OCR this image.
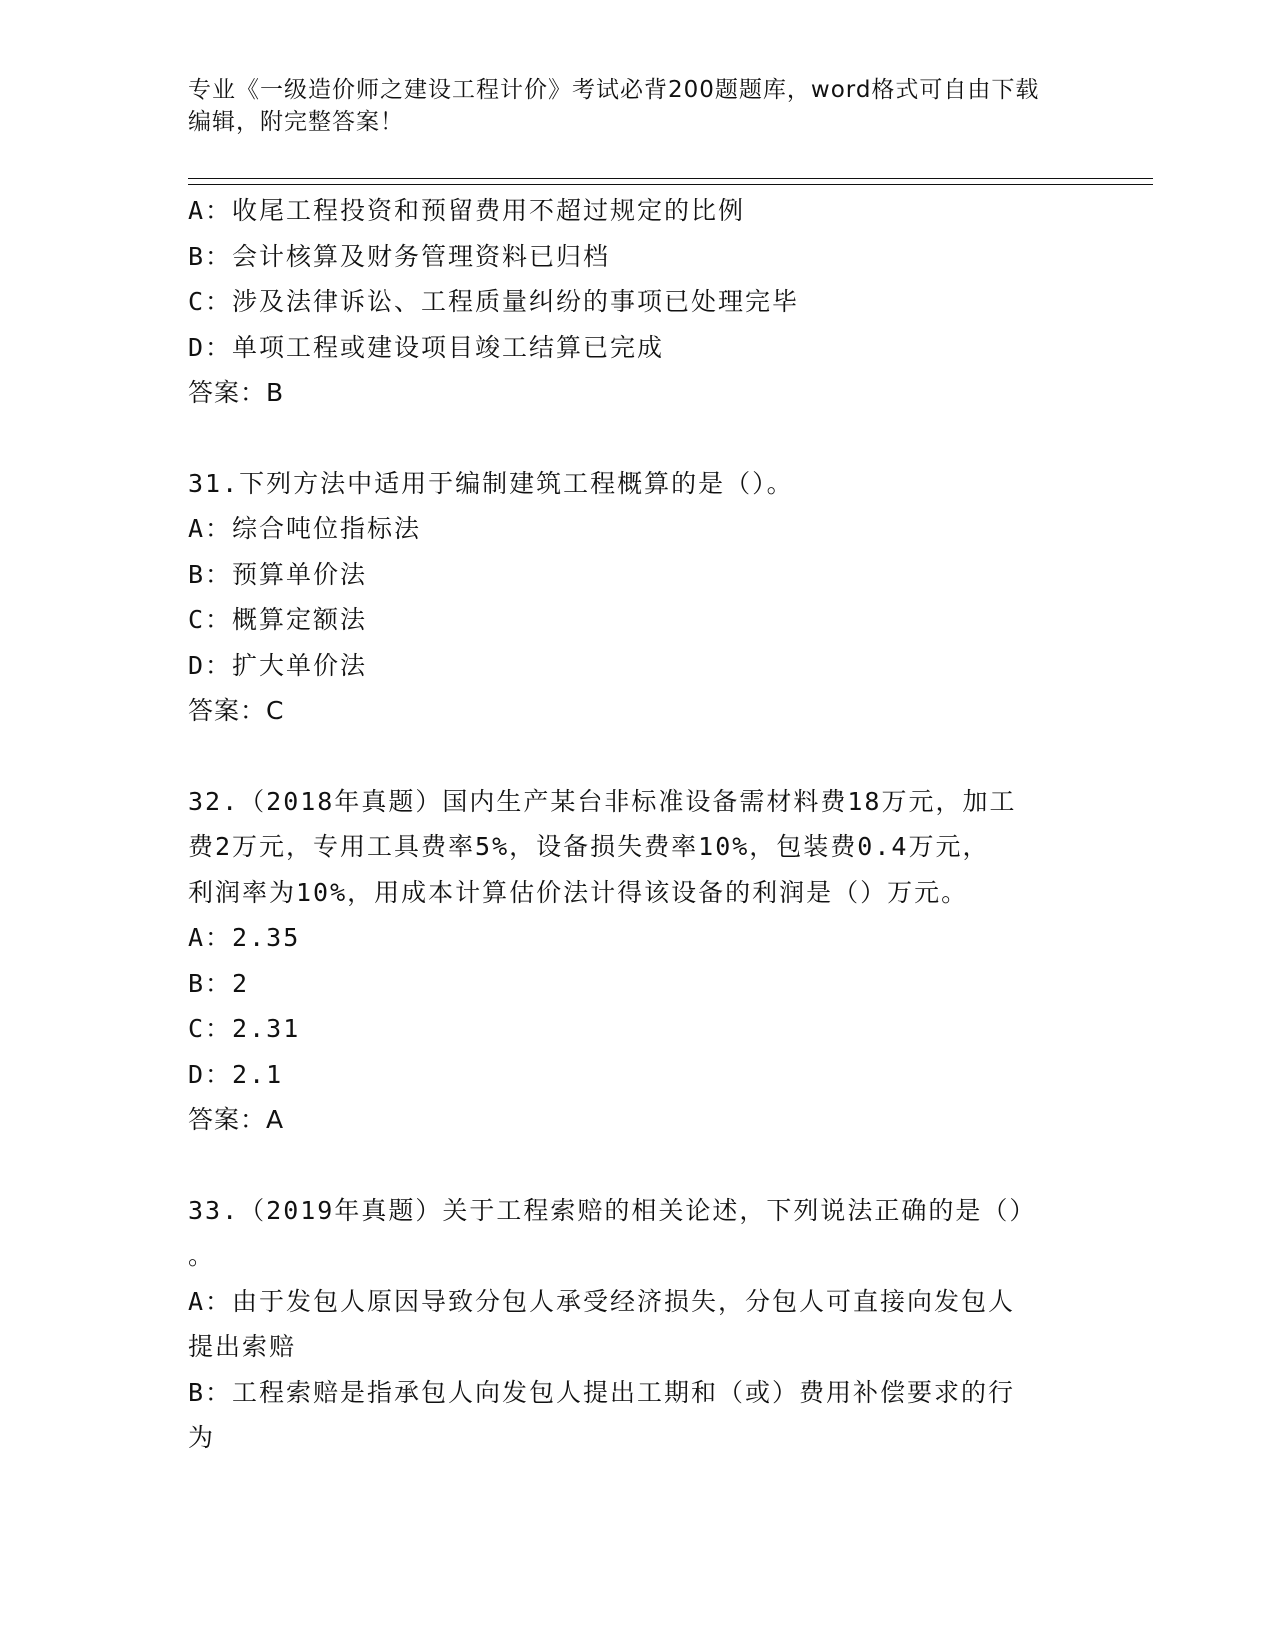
专业《一级造价师之建设工程计价》考试必背200题题库，word格式可自由下载
编辑，附完整答案！
A：收尾工程投资和预留费用不超过规定的比例
B：会计核算及财务管理资料已归档
C：涉及法律诉讼、工程质量纠纷的事项已处理完毕
D：单项工程或建设项目竣工结算已完成
答案：B
31.下列方法中适用于编制建筑工程概算的是（）。
A：综合吨位指标法
B：预算单价法
C：概算定额法
D：扩大单价法
答案：C
32.（2018年真题）国内生产某台非标准设备需材料费18万元，加工
费2万元，专用工具费率5%，设备损失费率10%，包装费0.4万元，
利润率为10%，用成本计算估价法计得该设备的利润是（）万元。
A：2.35
B：2
C：2.31
D：2.1
答案：A
33.（2019年真题）关于工程索赔的相关论述，下列说法正确的是（）
。
A：由于发包人原因导致分包人承受经济损失，分包人可直接向发包人
提出索赔
B：工程索赔是指承包人向发包人提出工期和（或）费用补偿要求的行
为
